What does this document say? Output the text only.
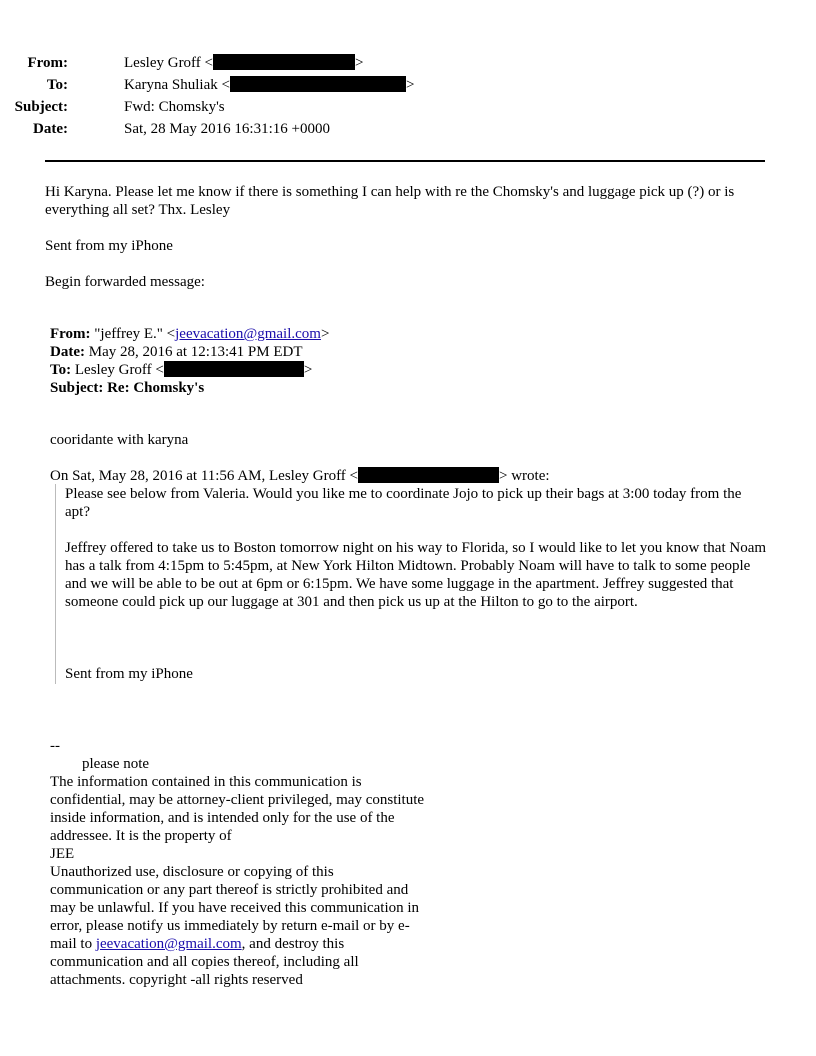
From:	Lesley Groff <	>
To:	Karyna Shuliak <	>
Subject:	Fwd: Chomsky's
Date:	Sat, 28 May 2016 16:31:16 +0000
Hi Karyna. Please let me know if there is something I can help with re the Chomsky's and luggage pick up (?) or is everything all set? Thx. Lesley
Sent from my iPhone
Begin forwarded message:
From: "jeffrey E." <jeevacation@gmail.com>
Date: May 28, 2016 at 12:13:41 PM EDT
To: Lesley Groff <	>
Subject: Re: Chomsky's
cooridante with karyna
On Sat, May 28, 2016 at 11:56 AM, Lesley Groff <	> wrote:
Please see below from Valeria. Would you like me to coordinate Jojo to pick up their bags at 3:00 today from the apt?
Jeffrey offered to take us to Boston tomorrow night on his way to Florida, so I would like to let you know that Noam has a talk from 4:15pm to 5:45pm, at New York Hilton Midtown. Probably Noam will have to talk to some people and we will be able to be out at 6pm or 6:15pm. We have some luggage in the apartment. Jeffrey suggested that someone could pick up our luggage at 301 and then pick us up at the Hilton to go to the airport.
Sent from my iPhone
--
please note
The information contained in this communication is confidential, may be attorney-client privileged, may constitute inside information, and is intended only for the use of the addressee. It is the property of
JEE
Unauthorized use, disclosure or copying of this communication or any part thereof is strictly prohibited and may be unlawful. If you have received this communication in error, please notify us immediately by return e-mail or by e-mail to jeevacation@gmail.com, and destroy this communication and all copies thereof, including all attachments. copyright -all rights reserved
